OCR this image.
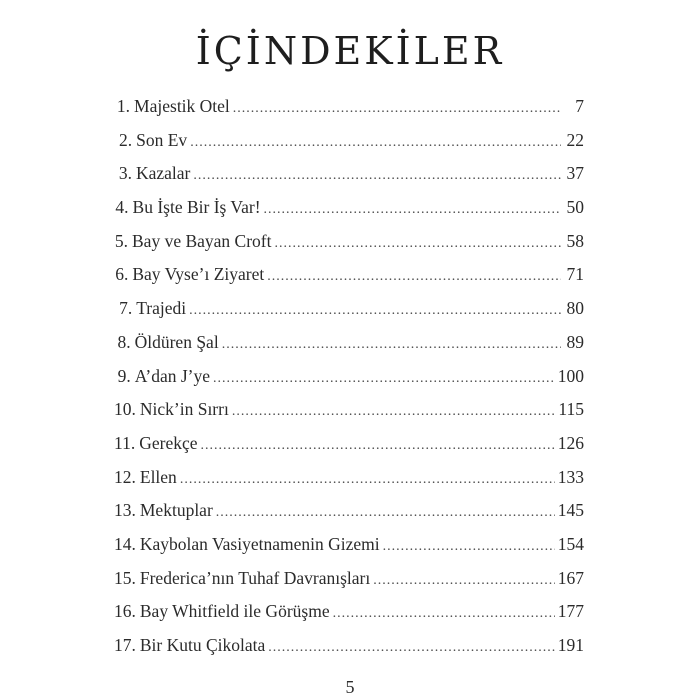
İÇİNDEKİLER
1. Majestik Otel .....	7
2. Son Ev .....	22
3. Kazalar .....	37
4. Bu İşte Bir İş Var! .....	50
5. Bay ve Bayan Croft .....	58
6. Bay Vyse’ı Ziyaret .....	71
7. Trajedi .....	80
8. Öldüren Şal .....	89
9. A’dan J’ye .....	100
10. Nick’in Sırrı .....	115
11. Gerekçe .....	126
12. Ellen .....	133
13. Mektuplar .....	145
14. Kaybolan Vasiyetnamenin Gizemi .....	154
15. Frederica’nın Tuhaf Davranışları .....	167
16. Bay Whitfield ile Görüşme .....	177
17. Bir Kutu Çikolata .....	191
5
